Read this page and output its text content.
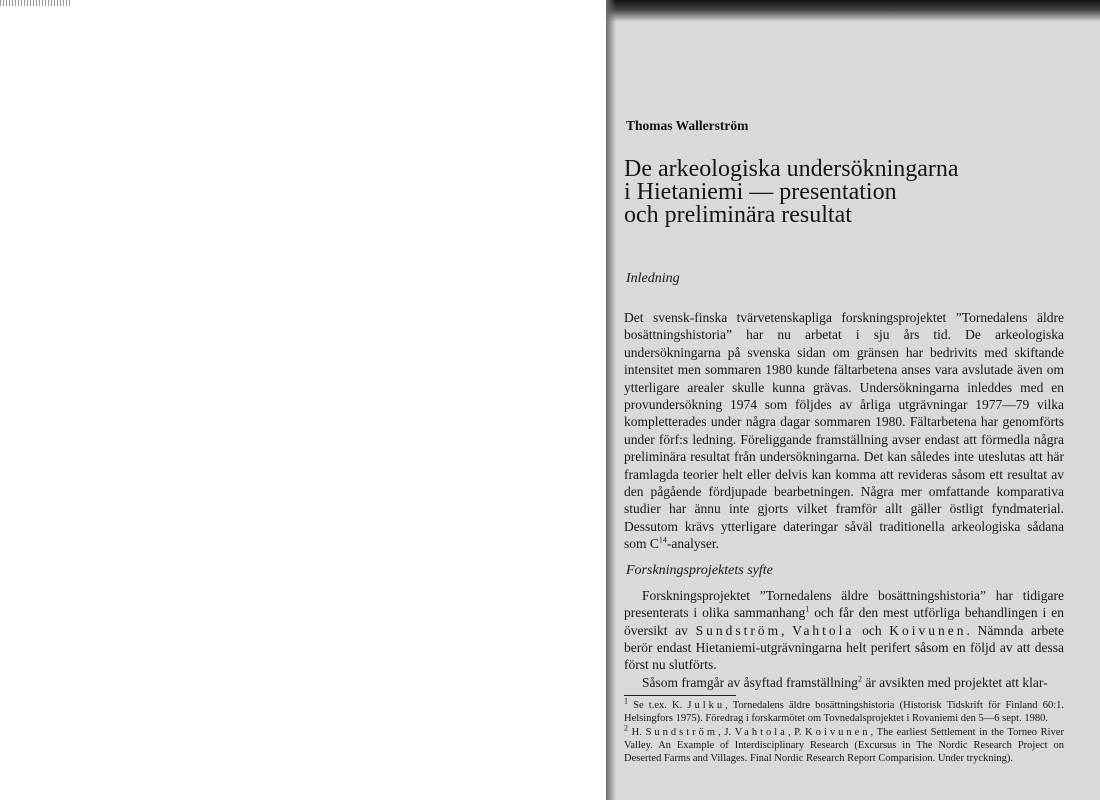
Thomas Wallerström
De arkeologiska undersökningarna
i Hietaniemi — presentation
och preliminära resultat
Inledning

Det svensk-finska tvärvetenskapliga forskningsprojektet ”Tornedalens äldre bosättningshistoria” har nu arbetat i sju års tid. De arkeologiska undersökningarna på svenska sidan om gränsen har bedrivits med skiftande intensitet men sommaren 1980 kunde fältarbetena anses vara avslutade även om ytterligare arealer skulle kunna grävas. Undersökningarna inleddes med en provundersökning 1974 som följdes av årliga utgrävningar 1977—79 vilka kompletterades under några dagar sommaren 1980. Fältarbetena har genomförts under förf:s ledning. Föreliggande framställning avser endast att förmedla några preliminära resultat från undersökningarna. Det kan således inte uteslutas att här framlagda teorier helt eller delvis kan komma att revideras såsom ett resultat av den pågående fördjupade bearbetningen. Några mer omfattande komparativa studier har ännu inte gjorts vilket framför allt gäller östligt fyndmaterial. Dessutom krävs ytterligare dateringar såväl traditionella arkeologiska sådana som $C^{14}$-analyser.

Forskningsprojektets syfte

Forskningsprojektet ”Tornedalens äldre bosättningshistoria” har tidigare presenterats i olika sammanhang$^1$ och får den mest utförliga behandlingen i en översikt av Sundström, Vahtola och Koivunen. Nämnda arbete berör endast Hietaniemi-utgrävningarna helt perifert såsom en följd av att dessa först nu slutförts.

Såsom framgår av åsyftad framställning$^2$ är avsikten med projektet att klar-

$^1$ Se t.ex. K. Julku, Tornedalens äldre bosättningshistoria (Historisk Tidskrift för Finland 60:1. Helsingfors 1975). Föredrag i forskarmötet om Tovnedalsprojektet i Rovaniemi den 5—6 sept. 1980.

$^2$ H. Sundström, J. Vahtola, P. Koivunen, The earliest Settlement in the Torneo River Valley. An Example of Interdisciplinary Research (Excursus in The Nordic Research Project on Deserted Farms and Villages. Final Nordic Research Report Comparision. Under tryckning).
